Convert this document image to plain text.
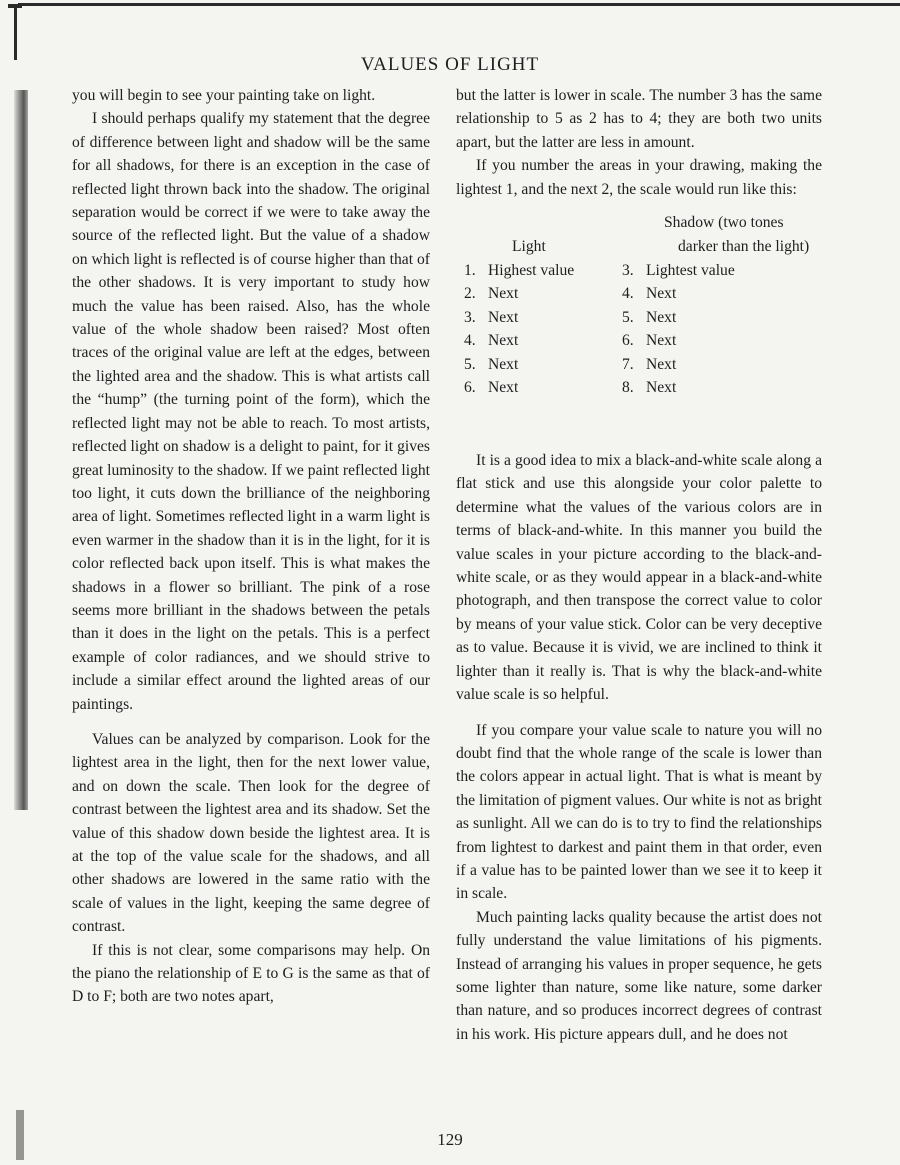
VALUES OF LIGHT

you will begin to see your painting take on light.

I should perhaps qualify my statement that the degree of difference between light and shadow will be the same for all shadows, for there is an exception in the case of reflected light thrown back into the shadow. The original separation would be correct if we were to take away the source of the reflected light. But the value of a shadow on which light is reflected is of course higher than that of the other shadows. It is very important to study how much the value has been raised. Also, has the whole value of the whole shadow been raised? Most often traces of the original value are left at the edges, between the lighted area and the shadow. This is what artists call the “hump” (the turning point of the form), which the reflected light may not be able to reach. To most artists, reflected light on shadow is a delight to paint, for it gives great luminosity to the shadow. If we paint reflected light too light, it cuts down the brilliance of the neighboring area of light. Sometimes reflected light in a warm light is even warmer in the shadow than it is in the light, for it is color reflected back upon itself. This is what makes the shadows in a flower so brilliant. The pink of a rose seems more brilliant in the shadows between the petals than it does in the light on the petals. This is a perfect example of color radiances, and we should strive to include a similar effect around the lighted areas of our paintings.

Values can be analyzed by comparison. Look for the lightest area in the light, then for the next lower value, and on down the scale. Then look for the degree of contrast between the lightest area and its shadow. Set the value of this shadow down beside the lightest area. It is at the top of the value scale for the shadows, and all other shadows are lowered in the same ratio with the scale of values in the light, keeping the same degree of contrast.

If this is not clear, some comparisons may help. On the piano the relationship of E to G is the same as that of D to F; both are two notes apart,

but the latter is lower in scale. The number 3 has the same relationship to 5 as 2 has to 4; they are both two units apart, but the latter are less in amount.

If you number the areas in your drawing, making the lightest 1, and the next 2, the scale would run like this:

Light
Shadow (two tones
darker than the light)
1. Highest value	3. Lightest value
2. Next	4. Next
3. Next	5. Next
4. Next	6. Next
5. Next	7. Next
6. Next	8. Next

It is a good idea to mix a black-and-white scale along a flat stick and use this alongside your color palette to determine what the values of the various colors are in terms of black-and-white. In this manner you build the value scales in your picture according to the black-and-white scale, or as they would appear in a black-and-white photograph, and then transpose the correct value to color by means of your value stick. Color can be very deceptive as to value. Because it is vivid, we are inclined to think it lighter than it really is. That is why the black-and-white value scale is so helpful.

If you compare your value scale to nature you will no doubt find that the whole range of the scale is lower than the colors appear in actual light. That is what is meant by the limitation of pigment values. Our white is not as bright as sunlight. All we can do is to try to find the relationships from lightest to darkest and paint them in that order, even if a value has to be painted lower than we see it to keep it in scale.

Much painting lacks quality because the artist does not fully understand the value limitations of his pigments. Instead of arranging his values in proper sequence, he gets some lighter than nature, some like nature, some darker than nature, and so produces incorrect degrees of contrast in his work. His picture appears dull, and he does not

129
